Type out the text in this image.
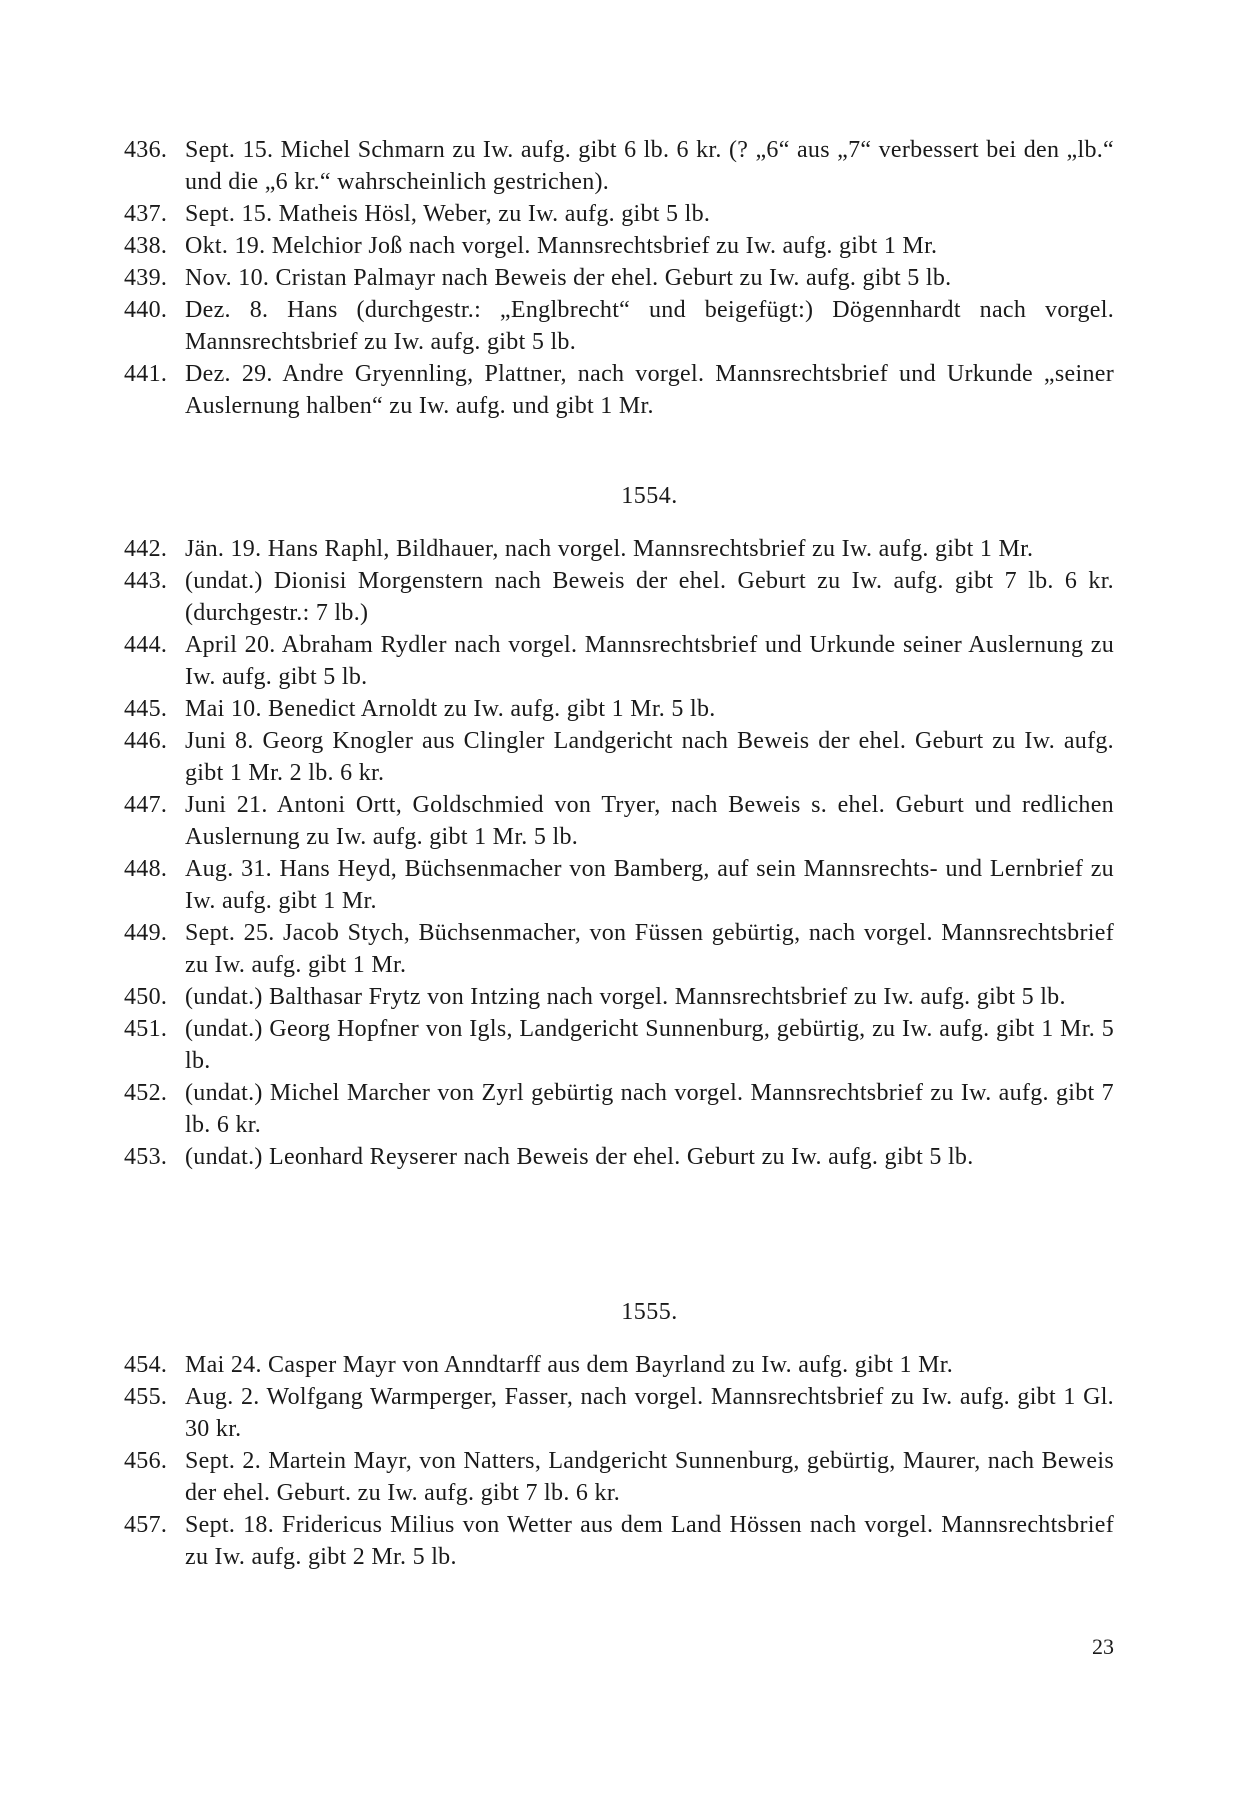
436. Sept. 15. Michel Schmarn zu Iw. aufg. gibt 6 lb. 6 kr. (? „6“ aus „7“ verbessert bei den „lb.“ und die „6 kr.“ wahrscheinlich gestrichen).
437. Sept. 15. Matheis Hösl, Weber, zu Iw. aufg. gibt 5 lb.
438. Okt. 19. Melchior Joß nach vorgel. Mannsrechtsbrief zu Iw. aufg. gibt 1 Mr.
439. Nov. 10. Cristan Palmayr nach Beweis der ehel. Geburt zu Iw. aufg. gibt 5 lb.
440. Dez. 8. Hans (durchgestr.: „Englbrecht“ und beigefügt:) Dögennhardt nach vorgel. Mannsrechtsbrief zu Iw. aufg. gibt 5 lb.
441. Dez. 29. Andre Gryennling, Plattner, nach vorgel. Mannsrechtsbrief und Urkunde „seiner Auslernung halben“ zu Iw. aufg. und gibt 1 Mr.
1554.
442. Jän. 19. Hans Raphl, Bildhauer, nach vorgel. Mannsrechtsbrief zu Iw. aufg. gibt 1 Mr.
443. (undat.) Dionisi Morgenstern nach Beweis der ehel. Geburt zu Iw. aufg. gibt 7 lb. 6 kr. (durchgestr.: 7 lb.)
444. April 20. Abraham Rydler nach vorgel. Mannsrechtsbrief und Urkunde seiner Auslernung zu Iw. aufg. gibt 5 lb.
445. Mai 10. Benedict Arnoldt zu Iw. aufg. gibt 1 Mr. 5 lb.
446. Juni 8. Georg Knogler aus Clingler Landgericht nach Beweis der ehel. Geburt zu Iw. aufg. gibt 1 Mr. 2 lb. 6 kr.
447. Juni 21. Antoni Ortt, Goldschmied von Tryer, nach Beweis s. ehel. Geburt und redlichen Auslernung zu Iw. aufg. gibt 1 Mr. 5 lb.
448. Aug. 31. Hans Heyd, Büchsenmacher von Bamberg, auf sein Mannsrechts- und Lernbrief zu Iw. aufg. gibt 1 Mr.
449. Sept. 25. Jacob Stych, Büchsenmacher, von Füssen gebürtig, nach vorgel. Mannsrechtsbrief zu Iw. aufg. gibt 1 Mr.
450. (undat.) Balthasar Frytz von Intzing nach vorgel. Mannsrechtsbrief zu Iw. aufg. gibt 5 lb.
451. (undat.) Georg Hopfner von Igls, Landgericht Sunnenburg, gebürtig, zu Iw. aufg. gibt 1 Mr. 5 lb.
452. (undat.) Michel Marcher von Zyrl gebürtig nach vorgel. Mannsrechtsbrief zu Iw. aufg. gibt 7 lb. 6 kr.
453. (undat.) Leonhard Reyserer nach Beweis der ehel. Geburt zu Iw. aufg. gibt 5 lb.
1555.
454. Mai 24. Casper Mayr von Anndtarff aus dem Bayrland zu Iw. aufg. gibt 1 Mr.
455. Aug. 2. Wolfgang Warmperger, Fasser, nach vorgel. Mannsrechtsbrief zu Iw. aufg. gibt 1 Gl. 30 kr.
456. Sept. 2. Martein Mayr, von Natters, Landgericht Sunnenburg, gebürtig, Maurer, nach Beweis der ehel. Geburt. zu Iw. aufg. gibt 7 lb. 6 kr.
457. Sept. 18. Fridericus Milius von Wetter aus dem Land Hössen nach vorgel. Mannsrechtsbrief zu Iw. aufg. gibt 2 Mr. 5 lb.
23
